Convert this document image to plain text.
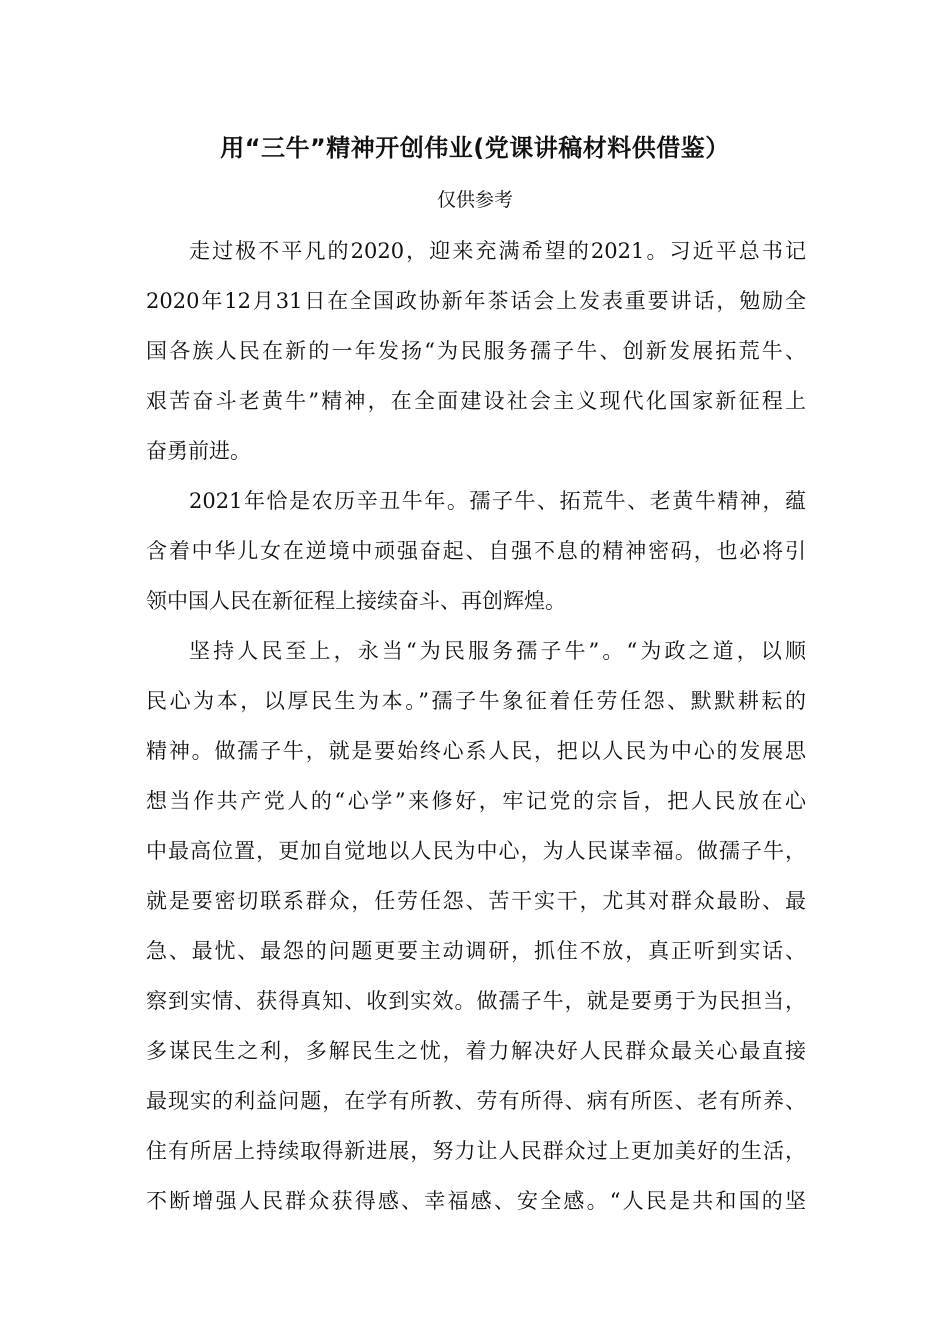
用“三牛”精神开创伟业(党课讲稿材料供借鉴）
仅供参考
走过极不平凡的2020，迎来充满希望的2021。习近平总书记
2020年12月31日在全国政协新年茶话会上发表重要讲话，勉励全
国各族人民在新的一年发扬“为民服务孺子牛、创新发展拓荒牛、
艰苦奋斗老黄牛”精神，在全面建设社会主义现代化国家新征程上
奋勇前进。
2021年恰是农历辛丑牛年。孺子牛、拓荒牛、老黄牛精神，蕴
含着中华儿女在逆境中顽强奋起、自强不息的精神密码，也必将引
领中国人民在新征程上接续奋斗、再创辉煌。
坚持人民至上，永当“为民服务孺子牛”。“为政之道，以顺
民心为本，以厚民生为本。”孺子牛象征着任劳任怨、默默耕耘的
精神。做孺子牛，就是要始终心系人民，把以人民为中心的发展思
想当作共产党人的“心学”来修好，牢记党的宗旨，把人民放在心
中最高位置，更加自觉地以人民为中心，为人民谋幸福。做孺子牛，
就是要密切联系群众，任劳任怨、苦干实干，尤其对群众最盼、最
急、最忧、最怨的问题更要主动调研，抓住不放，真正听到实话、
察到实情、获得真知、收到实效。做孺子牛，就是要勇于为民担当，
多谋民生之利，多解民生之忧，着力解决好人民群众最关心最直接
最现实的利益问题，在学有所教、劳有所得、病有所医、老有所养、
住有所居上持续取得新进展，努力让人民群众过上更加美好的生活，
不断增强人民群众获得感、幸福感、安全感。“人民是共和国的坚
